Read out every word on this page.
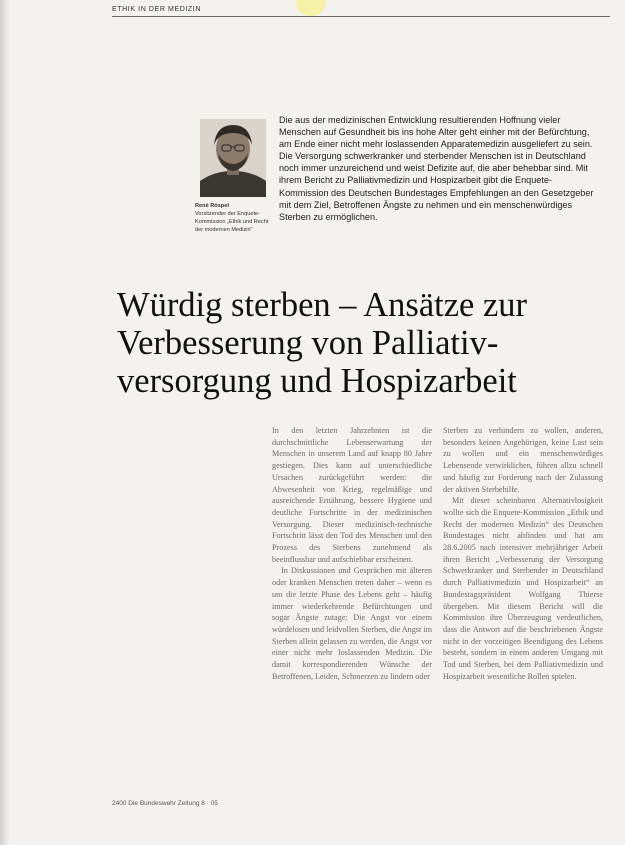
ETHIK IN DER MEDIZIN
René Röspel
Vorsitzender der Enquete-Kommission „Ethik und Recht der modernen Medizin“
Die aus der medizinischen Entwicklung resultierenden Hoffnung vieler Menschen auf Gesundheit bis ins hohe Alter geht einher mit der Befürchtung, am Ende einer nicht mehr loslassenden Apparatemedizin ausgeliefert zu sein. Die Versorgung schwerkranker und sterbender Menschen ist in Deutschland noch immer unzureichend und weist Defizite auf, die aber behebbar sind. Mit ihrem Bericht zu Palliativmedizin und Hospizarbeit gibt die Enquete-Kommission des Deutschen Bundestages Empfehlungen an den Gesetzgeber mit dem Ziel, Betroffenen Ängste zu nehmen und ein menschenwürdiges Sterben zu ermöglichen.
Würdig sterben – Ansätze zur
Verbesserung von Palliativ-
versorgung und Hospizarbeit

In den letzten Jahrzehnten ist die durchschnittliche Lebenserwartung der Menschen in unserem Land auf knapp 80 Jahre gestiegen. Dies kann auf unterschiedliche Ursachen zurückgeführt werden: die Abwesenheit von Krieg, regelmäßige und ausreichende Ernährung, bessere Hygiene und deutliche Fortschritte in der medizinischen Versorgung. Dieser medizinisch-technische Fortschritt lässt den Tod des Menschen und den Prozess des Sterbens zunehmend als beeinflussbar und aufschiebbar erscheinen.

In Diskussionen und Gesprächen mit älteren oder kranken Menschen treten daher – wenn es um die letzte Phase des Lebens geht – häufig immer wiederkehrende Befürchtungen und sogar Ängste zutage: Die Angst vor einem würdelosen und leidvollen Sterben, die Angst im Sterben allein gelassen zu werden, die Angst vor einer nicht mehr loslassenden Medizin. Die damit korrespondierenden Wünsche der Betroffenen, Leiden, Schmerzen zu lindern oder

Sterben zu verhindern zu wollen, anderen, besonders keinen Angehörigen, keine Last sein zu wollen und ein menschenwürdiges Lebensende verwirklichen, führen allzu schnell und häufig zur Forderung nach der Zulassung der aktiven Sterbehilfe.

Mit dieser scheinbaren Alternativlosigkeit wollte sich die Enquete-Kommission „Ethik und Recht der modernen Medizin“ des Deutschen Bundestages nicht abfinden und hat am 28.6.2005 nach intensiver mehrjähriger Arbeit ihren Bericht „Verbesserung der Versorgung Schwerkranker und Sterbender in Deutschland durch Palliativmedizin und Hospizarbeit“ an Bundestagspräsident Wolfgang Thierse übergeben. Mit diesem Bericht will die Kommission ihre Überzeugung verdeutlichen, dass die Antwort auf die beschriebenen Ängste nicht in der vorzeitigen Beendigung des Lebens besteht, sondern in einem anderen Umgang mit Tod und Sterben, bei dem Palliativmedizin und Hospizarbeit wesentliche Rollen spielen.

2400 Die Bundeswehr Zeitung 8 · 05
